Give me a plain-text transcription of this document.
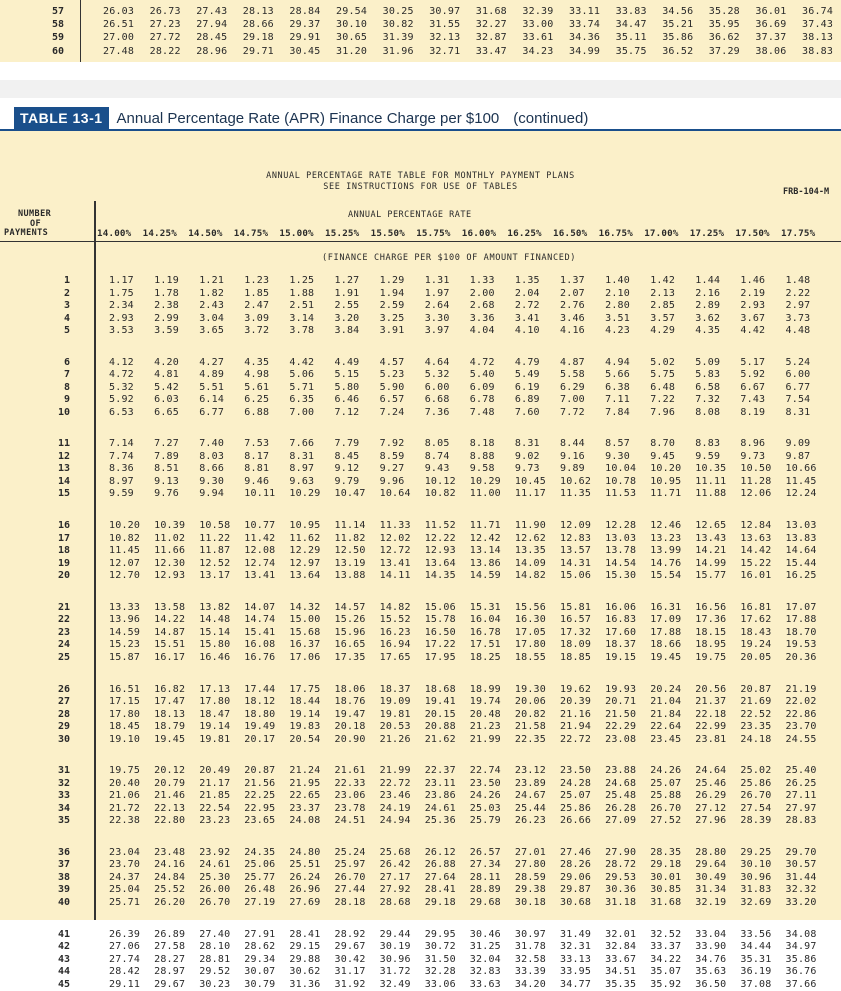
57	26.03	26.73	27.43	28.13	28.84	29.54	30.25	30.97	31.68	32.39	33.11	33.83	34.56	35.28	36.01	36.74
58	26.51	27.23	27.94	28.66	29.37	30.10	30.82	31.55	32.27	33.00	33.74	34.47	35.21	35.95	36.69	37.43
59	27.00	27.72	28.45	29.18	29.91	30.65	31.39	32.13	32.87	33.61	34.36	35.11	35.86	36.62	37.37	38.13
60	27.48	28.22	28.96	29.71	30.45	31.20	31.96	32.71	33.47	34.23	34.99	35.75	36.52	37.29	38.06	38.83
TABLE 13-1 Annual Percentage Rate (APR) Finance Charge per $100 (continued)
ANNUAL PERCENTAGE RATE TABLE FOR MONTHLY PAYMENT PLANS
SEE INSTRUCTIONS FOR USE OF TABLES	FRB-104-M
NUMBER
OF
ANNUAL PERCENTAGE RATE
PAYMENTS	14.00% 14.25% 14.50% 14.75% 15.00% 15.25% 15.50% 15.75% 16.00% 16.25% 16.50% 16.75% 17.00% 17.25% 17.50% 17.75%
(FINANCE CHARGE PER $100 OF AMOUNT FINANCED)
1	1.17	1.19	1.21	1.23	1.25	1.27	1.29	1.31	1.33	1.35	1.37	1.40	1.42	1.44	1.46	1.48
2	1.75	1.78	1.82	1.85	1.88	1.91	1.94	1.97	2.00	2.04	2.07	2.10	2.13	2.16	2.19	2.22
3	2.34	2.38	2.43	2.47	2.51	2.55	2.59	2.64	2.68	2.72	2.76	2.80	2.85	2.89	2.93	2.97
4	2.93	2.99	3.04	3.09	3.14	3.20	3.25	3.30	3.36	3.41	3.46	3.51	3.57	3.62	3.67	3.73
5	3.53	3.59	3.65	3.72	3.78	3.84	3.91	3.97	4.04	4.10	4.16	4.23	4.29	4.35	4.42	4.48
6	4.12	4.20	4.27	4.35	4.42	4.49	4.57	4.64	4.72	4.79	4.87	4.94	5.02	5.09	5.17	5.24
7	4.72	4.81	4.89	4.98	5.06	5.15	5.23	5.32	5.40	5.49	5.58	5.66	5.75	5.83	5.92	6.00
8	5.32	5.42	5.51	5.61	5.71	5.80	5.90	6.00	6.09	6.19	6.29	6.38	6.48	6.58	6.67	6.77
9	5.92	6.03	6.14	6.25	6.35	6.46	6.57	6.68	6.78	6.89	7.00	7.11	7.22	7.32	7.43	7.54
10	6.53	6.65	6.77	6.88	7.00	7.12	7.24	7.36	7.48	7.60	7.72	7.84	7.96	8.08	8.19	8.31
11	7.14	7.27	7.40	7.53	7.66	7.79	7.92	8.05	8.18	8.31	8.44	8.57	8.70	8.83	8.96	9.09
12	7.74	7.89	8.03	8.17	8.31	8.45	8.59	8.74	8.88	9.02	9.16	9.30	9.45	9.59	9.73	9.87
13	8.36	8.51	8.66	8.81	8.97	9.12	9.27	9.43	9.58	9.73	9.89	10.04	10.20	10.35	10.50	10.66
14	8.97	9.13	9.30	9.46	9.63	9.79	9.96	10.12	10.29	10.45	10.62	10.78	10.95	11.11	11.28	11.45
15	9.59	9.76	9.94	10.11	10.29	10.47	10.64	10.82	11.00	11.17	11.35	11.53	11.71	11.88	12.06	12.24
16	10.20	10.39	10.58	10.77	10.95	11.14	11.33	11.52	11.71	11.90	12.09	12.28	12.46	12.65	12.84	13.03
17	10.82	11.02	11.22	11.42	11.62	11.82	12.02	12.22	12.42	12.62	12.83	13.03	13.23	13.43	13.63	13.83
18	11.45	11.66	11.87	12.08	12.29	12.50	12.72	12.93	13.14	13.35	13.57	13.78	13.99	14.21	14.42	14.64
19	12.07	12.30	12.52	12.74	12.97	13.19	13.41	13.64	13.86	14.09	14.31	14.54	14.76	14.99	15.22	15.44
20	12.70	12.93	13.17	13.41	13.64	13.88	14.11	14.35	14.59	14.82	15.06	15.30	15.54	15.77	16.01	16.25
21	13.33	13.58	13.82	14.07	14.32	14.57	14.82	15.06	15.31	15.56	15.81	16.06	16.31	16.56	16.81	17.07
22	13.96	14.22	14.48	14.74	15.00	15.26	15.52	15.78	16.04	16.30	16.57	16.83	17.09	17.36	17.62	17.88
23	14.59	14.87	15.14	15.41	15.68	15.96	16.23	16.50	16.78	17.05	17.32	17.60	17.88	18.15	18.43	18.70
24	15.23	15.51	15.80	16.08	16.37	16.65	16.94	17.22	17.51	17.80	18.09	18.37	18.66	18.95	19.24	19.53
25	15.87	16.17	16.46	16.76	17.06	17.35	17.65	17.95	18.25	18.55	18.85	19.15	19.45	19.75	20.05	20.36
26	16.51	16.82	17.13	17.44	17.75	18.06	18.37	18.68	18.99	19.30	19.62	19.93	20.24	20.56	20.87	21.19
27	17.15	17.47	17.80	18.12	18.44	18.76	19.09	19.41	19.74	20.06	20.39	20.71	21.04	21.37	21.69	22.02
28	17.80	18.13	18.47	18.80	19.14	19.47	19.81	20.15	20.48	20.82	21.16	21.50	21.84	22.18	22.52	22.86
29	18.45	18.79	19.14	19.49	19.83	20.18	20.53	20.88	21.23	21.58	21.94	22.29	22.64	22.99	23.35	23.70
30	19.10	19.45	19.81	20.17	20.54	20.90	21.26	21.62	21.99	22.35	22.72	23.08	23.45	23.81	24.18	24.55
31	19.75	20.12	20.49	20.87	21.24	21.61	21.99	22.37	22.74	23.12	23.50	23.88	24.26	24.64	25.02	25.40
32	20.40	20.79	21.17	21.56	21.95	22.33	22.72	23.11	23.50	23.89	24.28	24.68	25.07	25.46	25.86	26.25
33	21.06	21.46	21.85	22.25	22.65	23.06	23.46	23.86	24.26	24.67	25.07	25.48	25.88	26.29	26.70	27.11
34	21.72	22.13	22.54	22.95	23.37	23.78	24.19	24.61	25.03	25.44	25.86	26.28	26.70	27.12	27.54	27.97
35	22.38	22.80	23.23	23.65	24.08	24.51	24.94	25.36	25.79	26.23	26.66	27.09	27.52	27.96	28.39	28.83
36	23.04	23.48	23.92	24.35	24.80	25.24	25.68	26.12	26.57	27.01	27.46	27.90	28.35	28.80	29.25	29.70
37	23.70	24.16	24.61	25.06	25.51	25.97	26.42	26.88	27.34	27.80	28.26	28.72	29.18	29.64	30.10	30.57
38	24.37	24.84	25.30	25.77	26.24	26.70	27.17	27.64	28.11	28.59	29.06	29.53	30.01	30.49	30.96	31.44
39	25.04	25.52	26.00	26.48	26.96	27.44	27.92	28.41	28.89	29.38	29.87	30.36	30.85	31.34	31.83	32.32
40	25.71	26.20	26.70	27.19	27.69	28.18	28.68	29.18	29.68	30.18	30.68	31.18	31.68	32.19	32.69	33.20
41	26.39	26.89	27.40	27.91	28.41	28.92	29.44	29.95	30.46	30.97	31.49	32.01	32.52	33.04	33.56	34.08
42	27.06	27.58	28.10	28.62	29.15	29.67	30.19	30.72	31.25	31.78	32.31	32.84	33.37	33.90	34.44	34.97
43	27.74	28.27	28.81	29.34	29.88	30.42	30.96	31.50	32.04	32.58	33.13	33.67	34.22	34.76	35.31	35.86
44	28.42	28.97	29.52	30.07	30.62	31.17	31.72	32.28	32.83	33.39	33.95	34.51	35.07	35.63	36.19	36.76
45	29.11	29.67	30.23	30.79	31.36	31.92	32.49	33.06	33.63	34.20	34.77	35.35	35.92	36.50	37.08	37.66
